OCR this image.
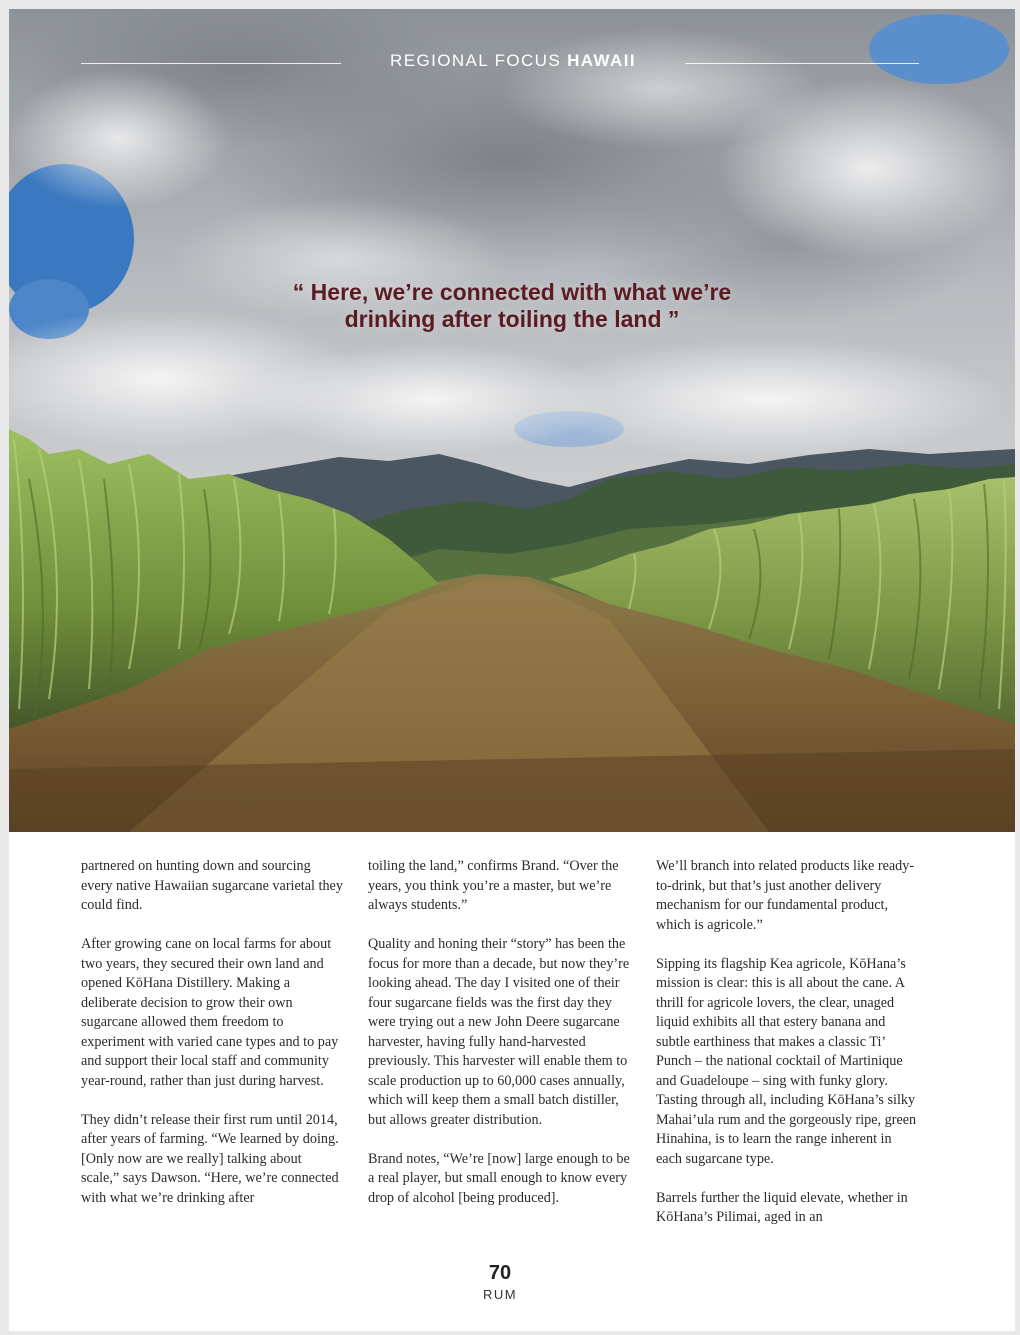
REGIONAL FOCUS HAWAII
“ Here, we’re connected with what we’re
drinking after toiling the land ”

partnered on hunting down and sourcing every native Hawaiian sugarcane varietal they could find.

After growing cane on local farms for about two years, they secured their own land and opened KōHana Distillery. Making a deliberate decision to grow their own sugarcane allowed them freedom to experiment with varied cane types and to pay and support their local staff and community year-round, rather than just during harvest.

They didn’t release their first rum until 2014, after years of farming. “We learned by doing. [Only now are we really] talking about scale,” says Dawson. “Here, we’re connected with what we’re drinking after

toiling the land,” confirms Brand. “Over the years, you think you’re a master, but we’re always students.”

Quality and honing their “story” has been the focus for more than a decade, but now they’re looking ahead. The day I visited one of their four sugarcane fields was the first day they were trying out a new John Deere sugarcane harvester, having fully hand-harvested previously. This harvester will enable them to scale production up to 60,000 cases annually, which will keep them a small batch distiller, but allows greater distribution.

Brand notes, “We’re [now] large enough to be a real player, but small enough to know every drop of alcohol [being produced].

We’ll branch into related products like ready-to-drink, but that’s just another delivery mechanism for our fundamental product, which is agricole.”

Sipping its flagship Kea agricole, KōHana’s mission is clear: this is all about the cane. A thrill for agricole lovers, the clear, unaged liquid exhibits all that estery banana and subtle earthiness that makes a classic Ti’ Punch – the national cocktail of Martinique and Guadeloupe – sing with funky glory. Tasting through all, including KōHana’s silky Mahai’ula rum and the gorgeously ripe, green Hinahina, is to learn the range inherent in each sugarcane type.

Barrels further the liquid elevate, whether in KōHana’s Pilimai, aged in an

70
RUM
